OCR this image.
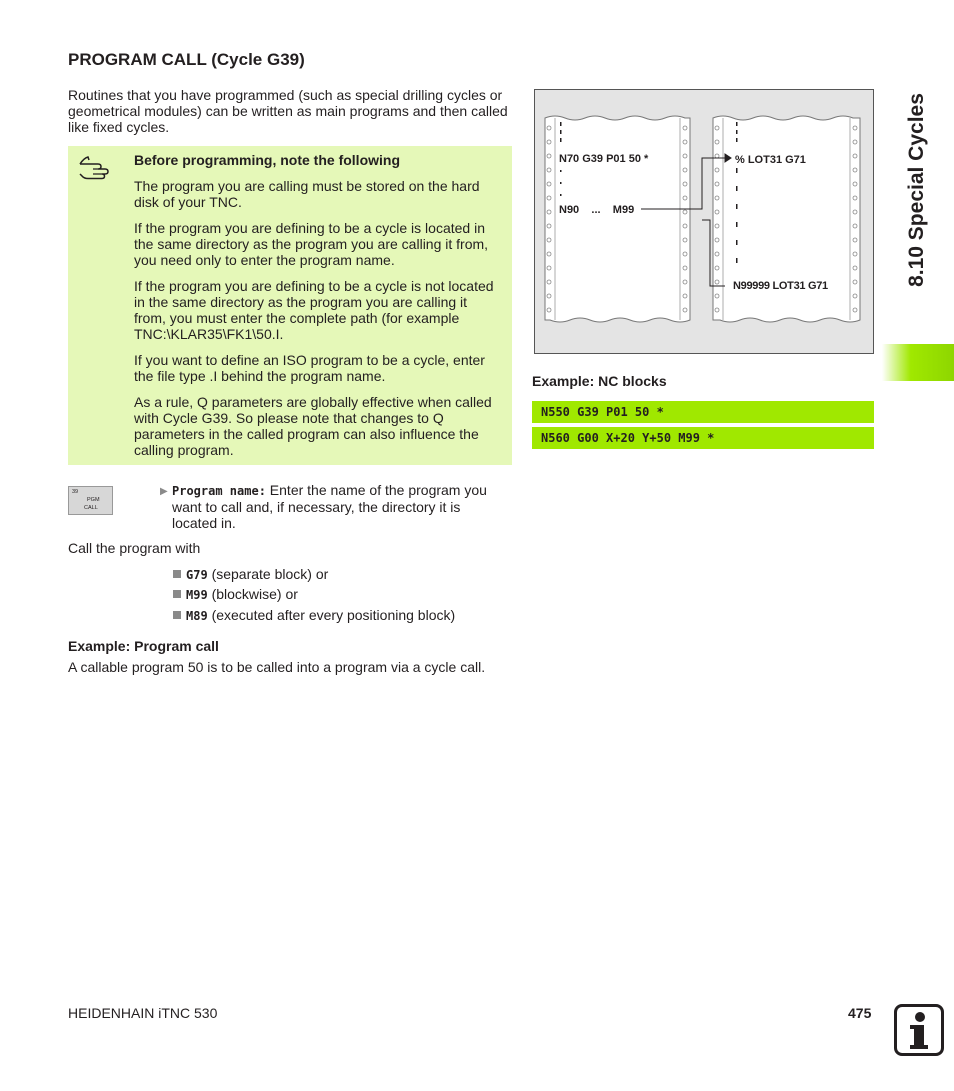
PROGRAM CALL (Cycle G39)
Routines that you have programmed (such as special drilling cycles or geometrical modules) can be written as main programs and then called like fixed cycles.
Before programming, note the following
The program you are calling must be stored on the hard disk of your TNC.
If the program you are defining to be a cycle is located in the same directory as the program you are calling it from, you need only to enter the program name.
If the program you are defining to be a cycle is not located in the same directory as the program you are calling it from, you must enter the complete path (for example TNC:\KLAR35\FK1\50.I.
If you want to define an ISO program to be a cycle, enter the file type .I behind the program name.
As a rule, Q parameters are globally effective when called with Cycle G39. So please note that changes to Q parameters in the called program can also influence the calling program.
39
PGM
CALL
▶ Program name: Enter the name of the program you want to call and, if necessary, the directory it is located in.
Call the program with
G79 (separate block) or
M99 (blockwise) or
M89 (executed after every positioning block)
Example: Program call
A callable program 50 is to be called into a program via a cycle call.
N70 G39 P01 50 *
N90    ...    M99
% LOT31 G71
N99999 LOT31 G71
Example: NC blocks
N550 G39 P01 50 *
N560 G00 X+20 Y+50 M99 *
8.10 Special Cycles
HEIDENHAIN iTNC 530	475
